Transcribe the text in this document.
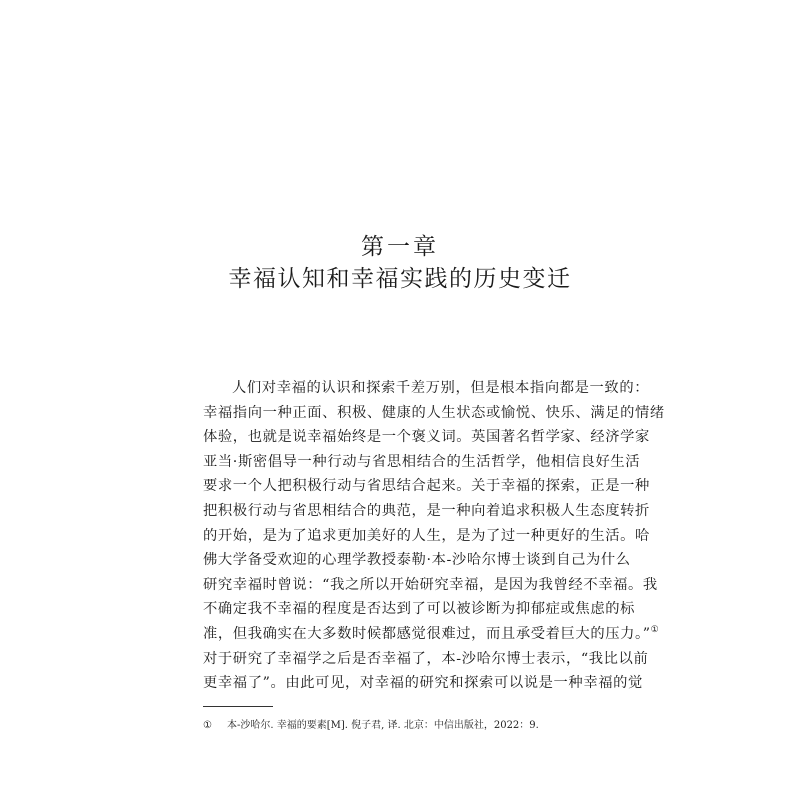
第一章
幸福认知和幸福实践的历史变迁
人们对幸福的认识和探索千差万别，但是根本指向都是一致的：
幸福指向一种正面、积极、健康的人生状态或愉悦、快乐、满足的情绪
体验，也就是说幸福始终是一个褒义词。英国著名哲学家、经济学家
亚当·斯密倡导一种行动与省思相结合的生活哲学，他相信良好生活
要求一个人把积极行动与省思结合起来。关于幸福的探索，正是一种
把积极行动与省思相结合的典范，是一种向着追求积极人生态度转折
的开始，是为了追求更加美好的人生，是为了过一种更好的生活。哈
佛大学备受欢迎的心理学教授泰勒·本-沙哈尔博士谈到自己为什么
研究幸福时曾说：“我之所以开始研究幸福，是因为我曾经不幸福。我
不确定我不幸福的程度是否达到了可以被诊断为抑郁症或焦虑的标
准，但我确实在大多数时候都感觉很难过，而且承受着巨大的压力。”①
对于研究了幸福学之后是否幸福了，本-沙哈尔博士表示，“我比以前
更幸福了”。由此可见，对幸福的研究和探索可以说是一种幸福的觉
① 本-沙哈尔. 幸福的要素[M]. 倪子君, 译. 北京：中信出版社，2022：9.
